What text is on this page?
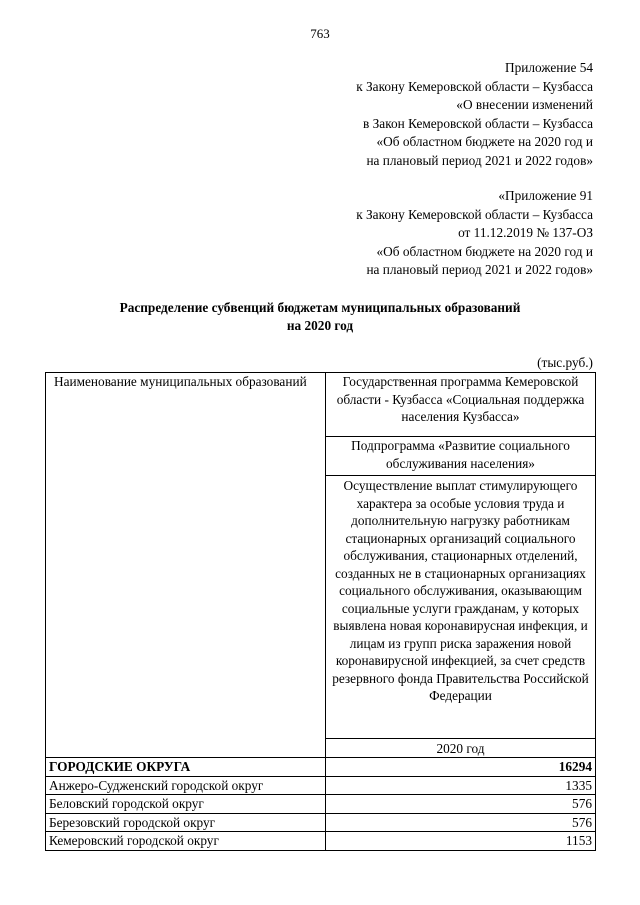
763
Приложение 54
к Закону Кемеровской области – Кузбасса
«О внесении изменений
в Закон Кемеровской области – Кузбасса
«Об областном бюджете на 2020 год и
на плановый период 2021 и 2022 годов»
«Приложение 91
к Закону Кемеровской области – Кузбасса
от 11.12.2019 № 137-ОЗ
«Об областном бюджете на 2020 год и
на плановый период 2021 и 2022 годов»
Распределение субвенций бюджетам муниципальных образований
на 2020 год
(тыс.руб.)
Наименование муниципальных образований	Государственная программа Кемеровской области - Кузбасса «Социальная поддержка населения Кузбасса»
	Подпрограмма «Развитие социального обслуживания населения»
	Осуществление выплат стимулирующего характера за особые условия труда и дополнительную нагрузку работникам стационарных организаций социального обслуживания, стационарных отделений, созданных не в стационарных организациях социального обслуживания, оказывающим социальные услуги гражданам, у которых выявлена новая коронавирусная инфекция, и лицам из групп риска заражения новой коронавирусной инфекцией, за счет средств резервного фонда Правительства Российской Федерации
	2020 год
ГОРОДСКИЕ ОКРУГА	16294
Анжеро-Судженский городской округ	1335
Беловский городской округ	576
Березовский городской округ	576
Кемеровский городской округ	1153
